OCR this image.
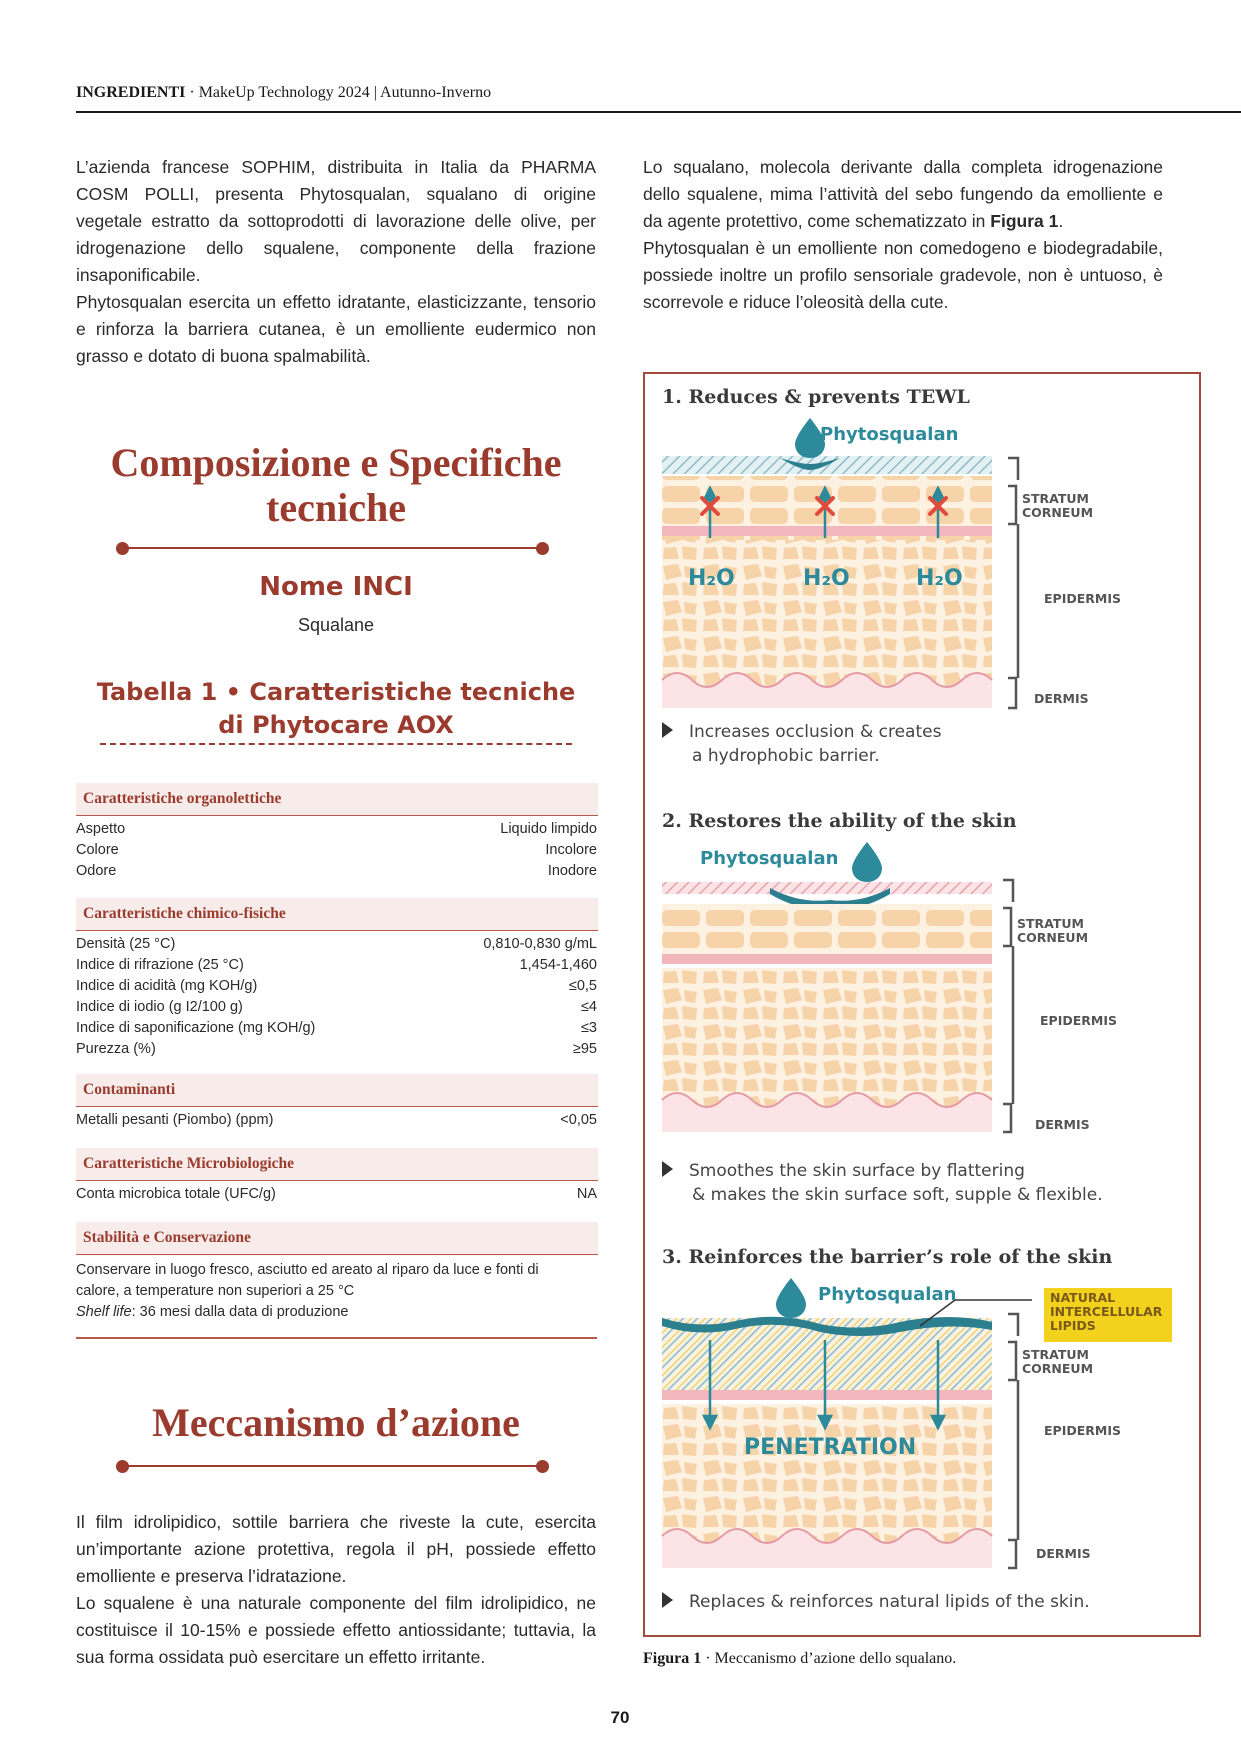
INGREDIENTI · MakeUp Technology 2024 | Autunno-Inverno
L’azienda francese SOPHIM, distribuita in Italia da PHARMA COSM POLLI, presenta Phytosqualan, squalano di origine vegetale estratto da sottoprodotti di lavorazione delle olive, per idrogenazione dello squalene, componente della frazione insaponificabile.
Phytosqualan esercita un effetto idratante, elasticizzante, tensorio e rinforza la barriera cutanea, è un emolliente eudermico non grasso e dotato di buona spalmabilità.
Lo squalano, molecola derivante dalla completa idrogenazione dello squalene, mima l’attività del sebo fungendo da emolliente e da agente protettivo, come schematizzato in Figura 1.
Phytosqualan è un emolliente non comedogeno e biodegradabile, possiede inoltre un profilo sensoriale gradevole, non è untuoso, è scorrevole e riduce l’oleosità della cute.
Composizione e Specifiche tecniche
Nome INCI
Squalane
Tabella 1 • Caratteristiche tecniche
di Phytocare AOX
Caratteristiche organolettiche
Aspetto	Liquido limpido
Colore	Incolore
Odore	Inodore
Caratteristiche chimico-fisiche
Densità (25 °C)	0,810-0,830 g/mL
Indice di rifrazione (25 °C)	1,454-1,460
Indice di acidità (mg KOH/g)	≤0,5
Indice di iodio (g I2/100 g)	≤4
Indice di saponificazione (mg KOH/g)	≤3
Purezza (%)	≥95
Contaminanti
Metalli pesanti (Piombo) (ppm)	<0,05
Caratteristiche Microbiologiche
Conta microbica totale (UFC/g)	NA
Stabilità e Conservazione
Conservare in luogo fresco, asciutto ed areato al riparo da luce e fonti di calore, a temperature non superiori a 25 °C
Shelf life: 36 mesi dalla data di produzione
Meccanismo d’azione
Il film idrolipidico, sottile barriera che riveste la cute, esercita un’importante azione protettiva, regola il pH, possiede effetto emolliente e preserva l’idratazione.
Lo squalene è una naturale componente del film idrolipidico, ne costituisce il 10-15% e possiede effetto antiossidante; tuttavia, la sua forma ossidata può esercitare un effetto irritante.
1. Reduces & prevents TEWL
Phytosqualan
H₂O	H₂O	H₂O
STRATUM
CORNEUM
EPIDERMIS
DERMIS
Increases occlusion & creates
a hydrophobic barrier.
2. Restores the ability of the skin
Phytosqualan
STRATUM
CORNEUM
EPIDERMIS
DERMIS
Smoothes the skin surface by flattering
& makes the skin surface soft, supple & flexible.
3. Reinforces the barrier’s role of the skin
Phytosqualan	NATURAL
INTERCELLULAR
LIPIDS
STRATUM
CORNEUM
EPIDERMIS
DERMIS
PENETRATION
Replaces & reinforces natural lipids of the skin.
Figura 1 · Meccanismo d’azione dello squalano.
70
